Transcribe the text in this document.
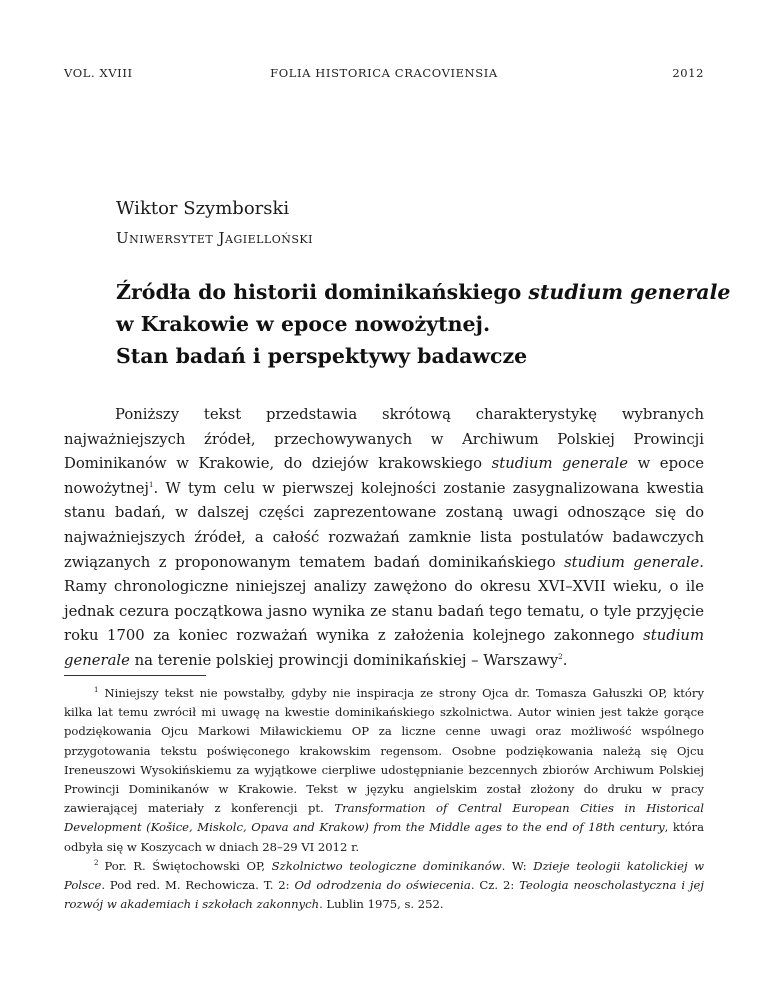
VOL. XVIII	FOLIA HISTORICA CRACOVIENSIA	2012
Wiktor Szymborski
Uniwersytet Jagielloński
Źródła do historii dominikańskiego studium generale
w Krakowie w epoce nowożytnej.
Stan badań i perspektywy badawcze

Poniższy tekst przedstawia skrótową charakterystykę wybranych najważniejszych źródeł, przechowywanych w Archiwum Polskiej Prowincji Dominikanów w Krakowie, do dziejów krakowskiego studium generale w epoce nowożytnej$^1$. W tym celu w pierwszej kolejności zostanie zasygnalizowana kwestia stanu badań, w dalszej części zaprezentowane zostaną uwagi odnoszące się do najważniejszych źródeł, a całość rozważań zamknie lista postulatów badawczych związanych z proponowanym tematem badań dominikańskiego studium generale. Ramy chronologiczne niniejszej analizy zawężono do okresu XVI–XVII wieku, o ile jednak cezura początkowa jasno wynika ze stanu badań tego tematu, o tyle przyjęcie roku 1700 za koniec rozważań wynika z założenia kolejnego zakonnego studium generale na terenie polskiej prowincji dominikańskiej – Warszawy$^2$.

$^1$ Niniejszy tekst nie powstałby, gdyby nie inspiracja ze strony Ojca dr. Tomasza Gałuszki OP, który kilka lat temu zwrócił mi uwagę na kwestie dominikańskiego szkolnictwa. Autor winien jest także gorące podziękowania Ojcu Markowi Miławickiemu OP za liczne cenne uwagi oraz możliwość wspólnego przygotowania tekstu poświęconego krakowskim regensom. Osobne podziękowania należą się Ojcu Ireneuszowi Wysokińskiemu za wyjątkowe cierpliwe udostępnianie bezcennych zbiorów Archiwum Polskiej Prowincji Dominikanów w Krakowie. Tekst w języku angielskim został złożony do druku w pracy zawierającej materiały z konferencji pt. Transformation of Central European Cities in Historical Development (Košice, Miskolc, Opava and Krakow) from the Middle ages to the end of 18th century, która odbyła się w Koszycach w dniach 28–29 VI 2012 r.

$^2$ Por. R. Świętochowski OP, Szkolnictwo teologiczne dominikanów. W: Dzieje teologii katolickiej w Polsce. Pod red. M. Rechowicza. T. 2: Od odrodzenia do oświecenia. Cz. 2: Teologia neoscholastyczna i jej rozwój w akademiach i szkołach zakonnych. Lublin 1975, s. 252.
